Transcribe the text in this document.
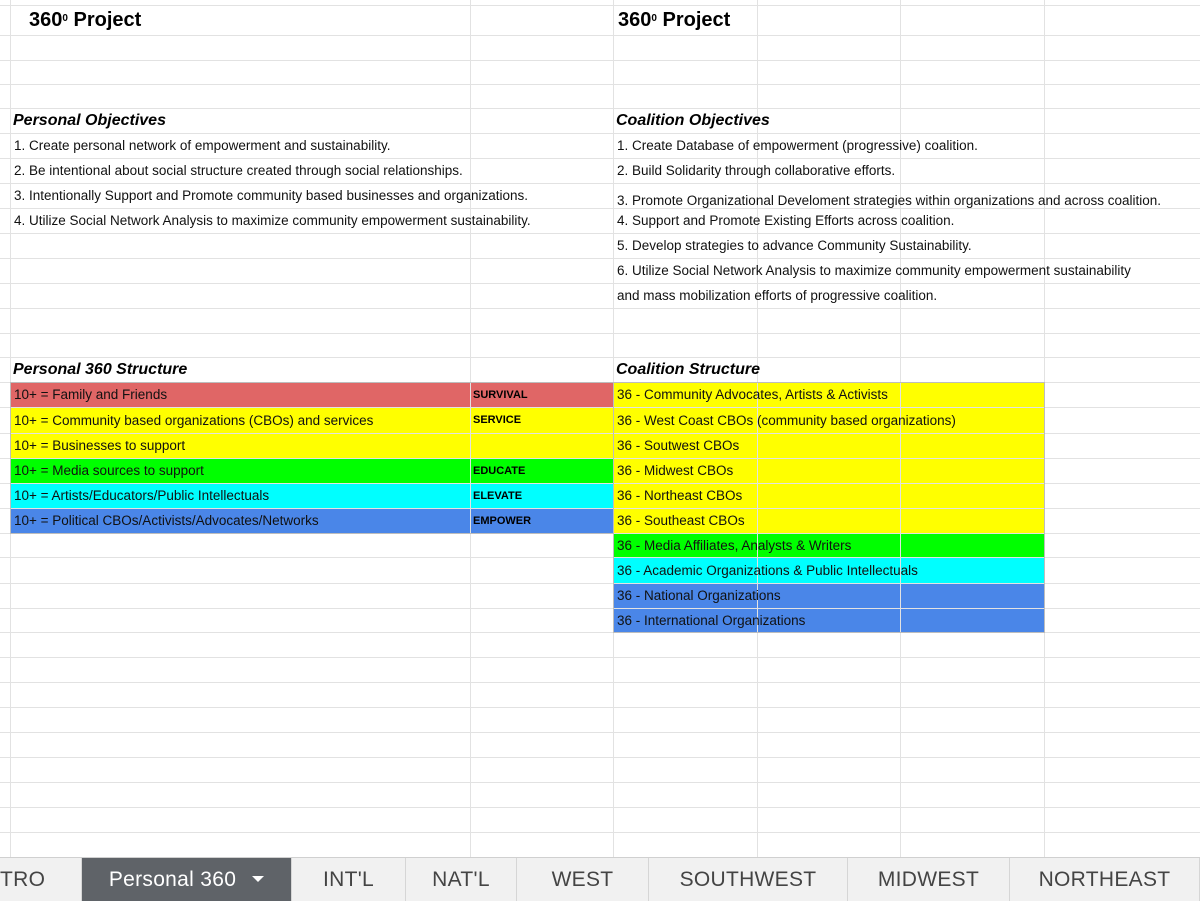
$360^0$ Project	$360^0$ Project
Personal Objectives	Coalition Objectives
1. Create personal network of empowerment and sustainability.
2. Be intentional about social structure created through social relationships.
3. Intentionally Support and Promote community based businesses and organizations.
4. Utilize Social Network Analysis to maximize community empowerment sustainability.
1. Create Database of empowerment (progressive) coalition.
2. Build Solidarity through collaborative efforts.
3. Promote Organizational Develoment strategies within organizations and across coalition.
4. Support and Promote Existing Efforts across coalition.
5. Develop strategies to advance Community Sustainability.
6. Utilize Social Network Analysis to maximize community empowerment sustainability
and mass mobilization efforts of progressive coalition.
Personal 360 Structure	Coalition Structure
10+ = Family and Friends	SURVIVAL
10+ = Community based organizations (CBOs) and services	SERVICE
10+ = Businesses to support
10+ = Media sources to support	EDUCATE
10+ = Artists/Educators/Public Intellectuals	ELEVATE
10+ = Political CBOs/Activists/Advocates/Networks	EMPOWER
36 - Community Advocates, Artists & Activists
36 - West Coast CBOs (community based organizations)
36 - Soutwest CBOs
36 - Midwest CBOs
36 - Northeast CBOs
36 - Southeast CBOs
36 - Media Affiliates, Analysts & Writers
36 - Academic Organizations & Public Intellectuals
36 - National Organizations
36 - International Organizations
TRO	Personal 360	INT'L	NAT'L	WEST	SOUTHWEST	MIDWEST	NORTHEAST
